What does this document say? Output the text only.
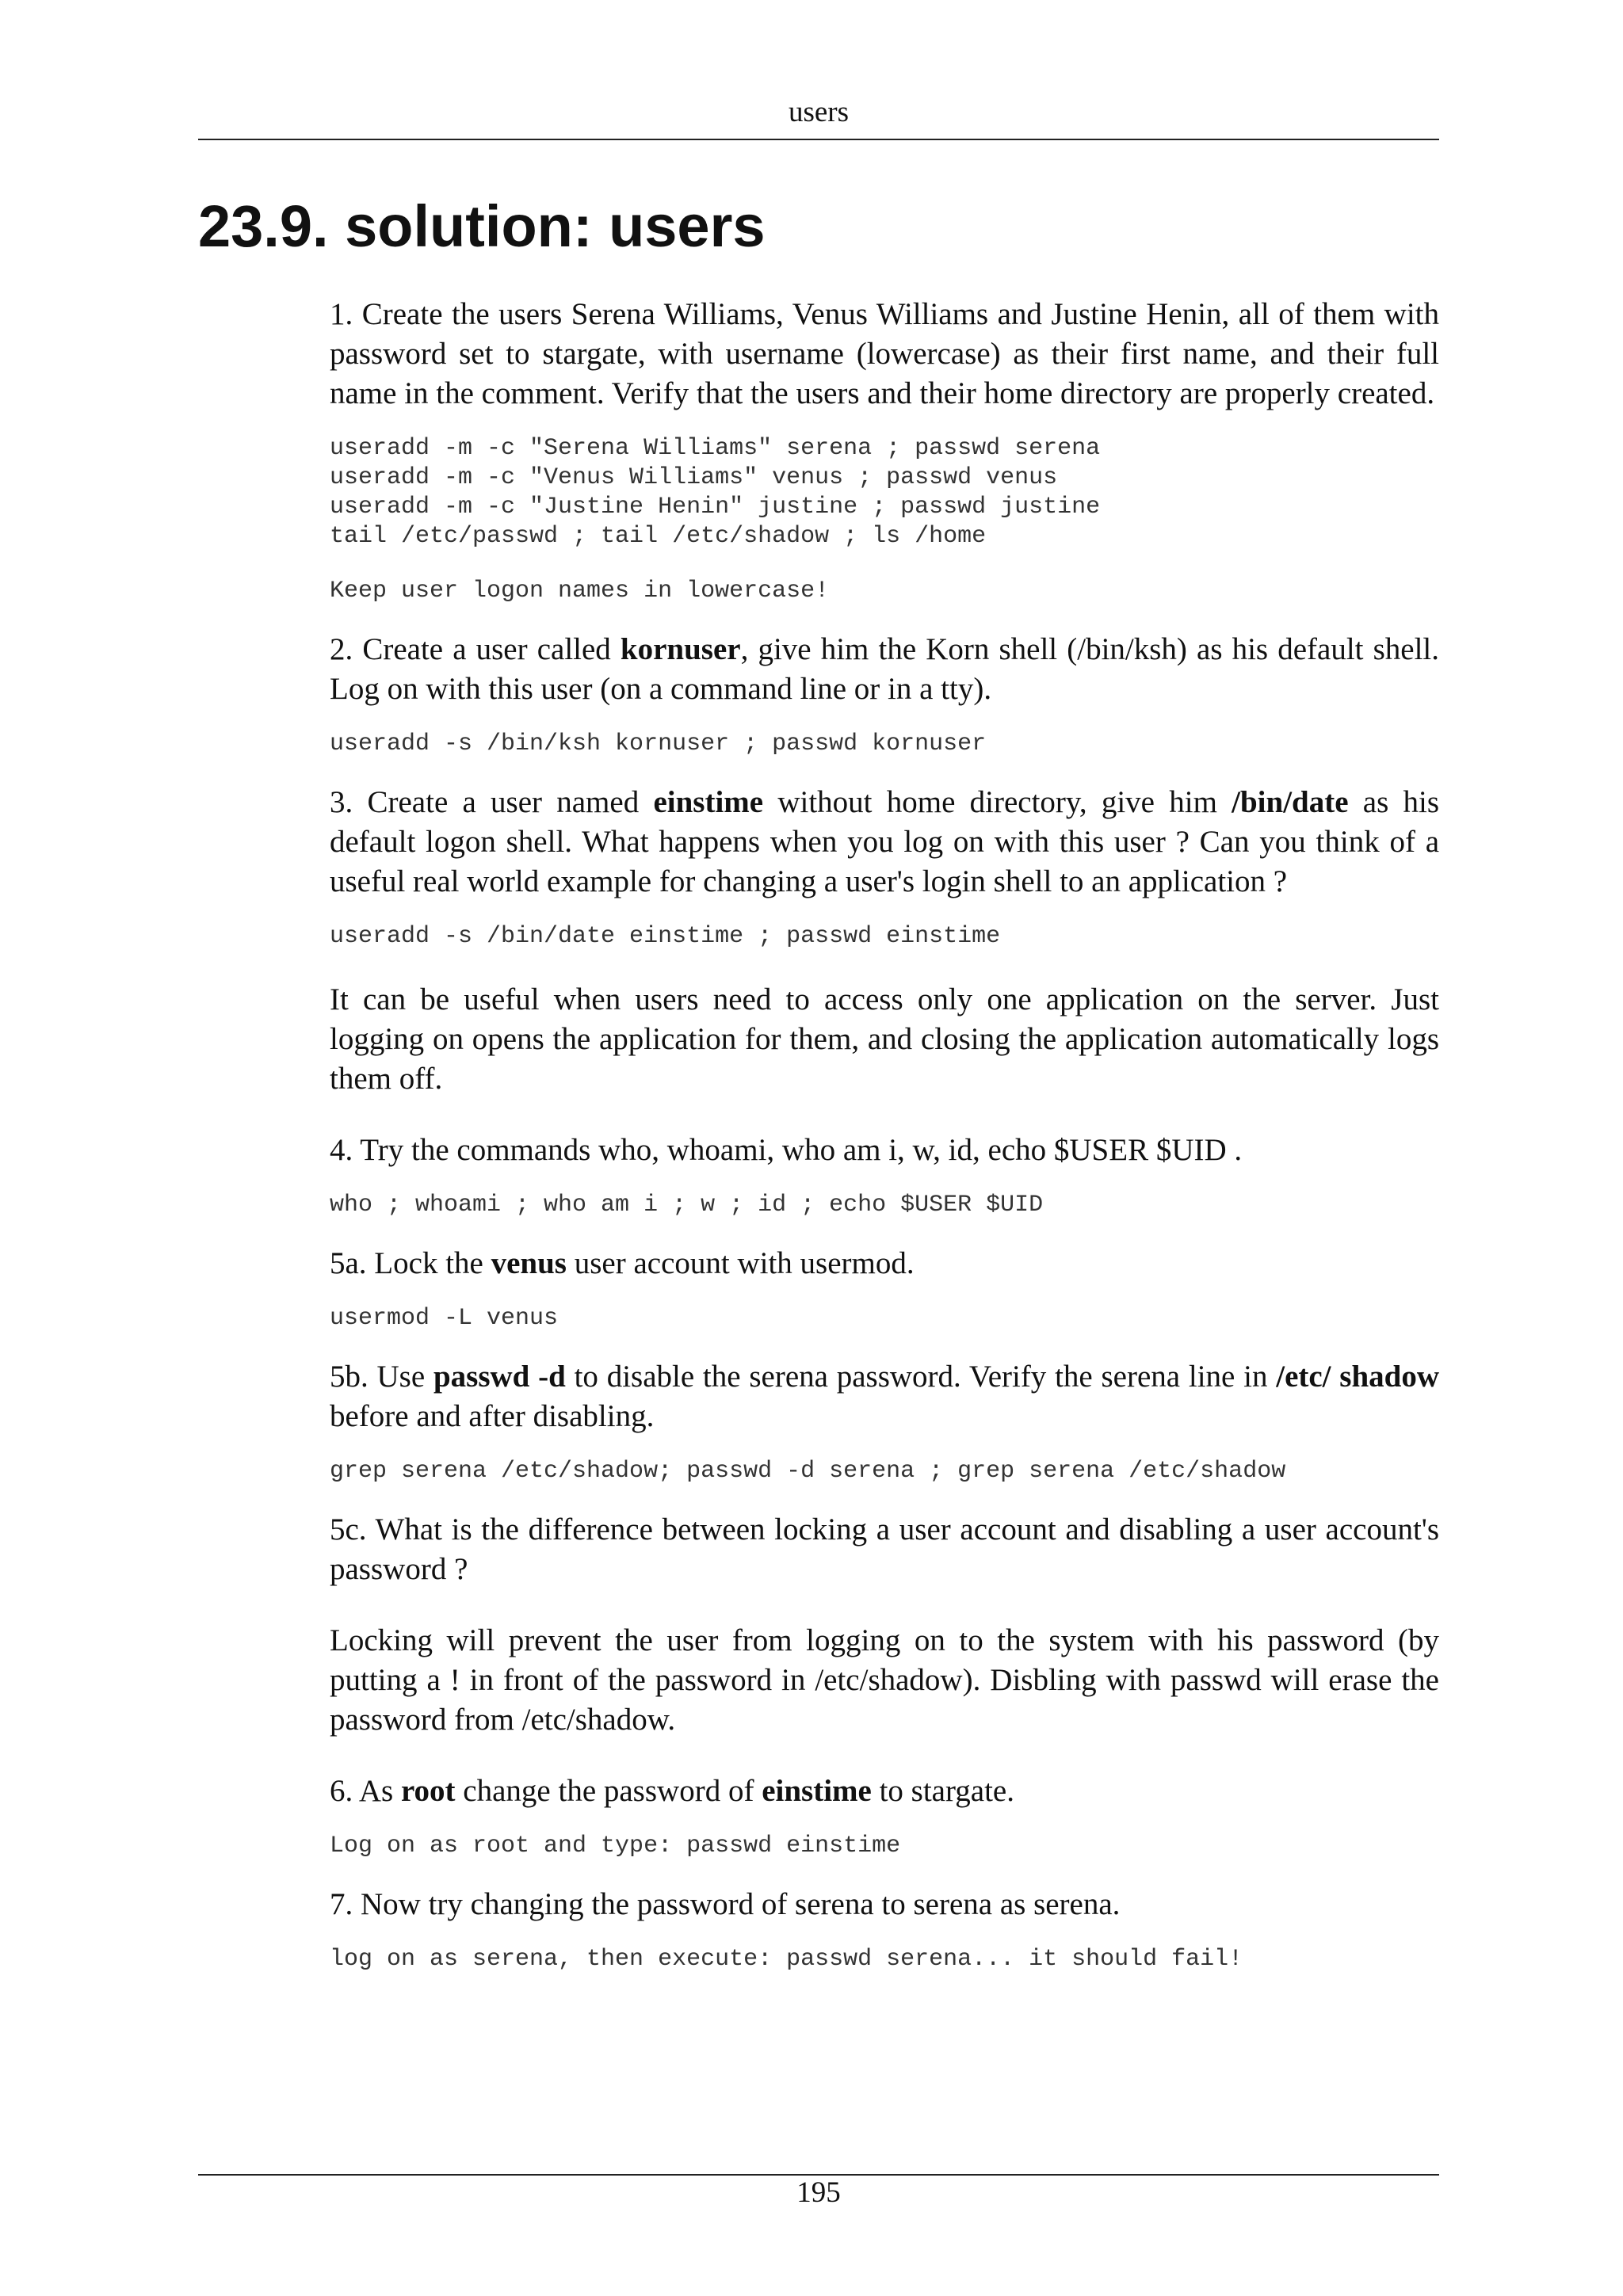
users
23.9. solution: users

1. Create the users Serena Williams, Venus Williams and Justine Henin, all of them with password set to stargate, with username (lowercase) as their first name, and their full name in the comment. Verify that the users and their home directory are properly created.

useradd -m -c "Serena Williams" serena ; passwd serena
useradd -m -c "Venus Williams" venus ; passwd venus
useradd -m -c "Justine Henin" justine ; passwd justine
tail /etc/passwd ; tail /etc/shadow ; ls /home
Keep user logon names in lowercase!

2. Create a user called kornuser, give him the Korn shell (/bin/ksh) as his default shell. Log on with this user (on a command line or in a tty).

useradd -s /bin/ksh kornuser ; passwd kornuser

3. Create a user named einstime without home directory, give him /bin/date as his default logon shell. What happens when you log on with this user ? Can you think of a useful real world example for changing a user's login shell to an application ?

useradd -s /bin/date einstime ; passwd einstime

It can be useful when users need to access only one application on the server. Just logging on opens the application for them, and closing the application automatically logs them off.

4. Try the commands who, whoami, who am i, w, id, echo $USER $UID .

who ; whoami ; who am i ; w ; id ; echo $USER $UID

5a. Lock the venus user account with usermod.

usermod -L venus

5b. Use passwd -d to disable the serena password. Verify the serena line in /etc/ shadow before and after disabling.

grep serena /etc/shadow; passwd -d serena ; grep serena /etc/shadow

5c. What is the difference between locking a user account and disabling a user account's password ?

Locking will prevent the user from logging on to the system with his password (by putting a ! in front of the password in /etc/shadow). Disbling with passwd will erase the password from /etc/shadow.

6. As root change the password of einstime to stargate.

Log on as root and type: passwd einstime

7. Now try changing the password of serena to serena as serena.

log on as serena, then execute: passwd serena... it should fail!
195
